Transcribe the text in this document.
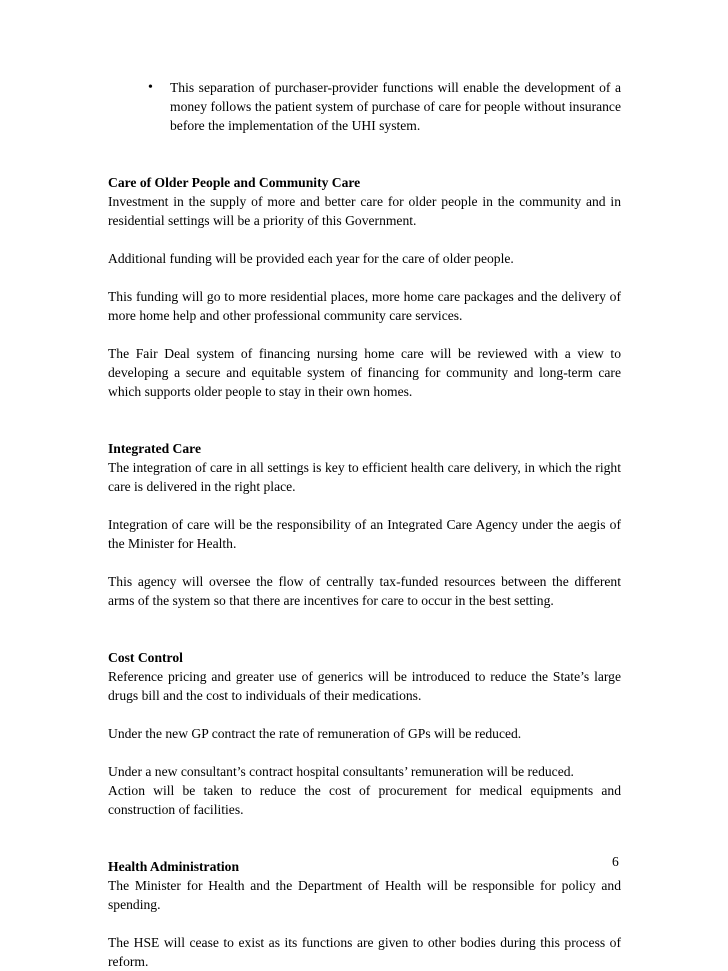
• This separation of purchaser-provider functions will enable the development of a money follows the patient system of purchase of care for people without insurance before the implementation of the UHI system.

Care of Older People and Community Care

Investment in the supply of more and better care for older people in the community and in residential settings will be a priority of this Government.

Additional funding will be provided each year for the care of older people.

This funding will go to more residential places, more home care packages and the delivery of more home help and other professional community care services.

The Fair Deal system of financing nursing home care will be reviewed with a view to developing a secure and equitable system of financing for community and long-term care which supports older people to stay in their own homes.

Integrated Care

The integration of care in all settings is key to efficient health care delivery, in which the right care is delivered in the right place.

Integration of care will be the responsibility of an Integrated Care Agency under the aegis of the Minister for Health.

This agency will oversee the flow of centrally tax-funded resources between the different arms of the system so that there are incentives for care to occur in the best setting.

Cost Control

Reference pricing and greater use of generics will be introduced to reduce the State’s large drugs bill and the cost to individuals of their medications.

Under the new GP contract the rate of remuneration of GPs will be reduced.

Under a new consultant’s contract hospital consultants’ remuneration will be reduced.

Action will be taken to reduce the cost of procurement for medical equipments and construction of facilities.

Health Administration

The Minister for Health and the Department of Health will be responsible for policy and spending.

The HSE will cease to exist as its functions are given to other bodies during this process of reform.

6
